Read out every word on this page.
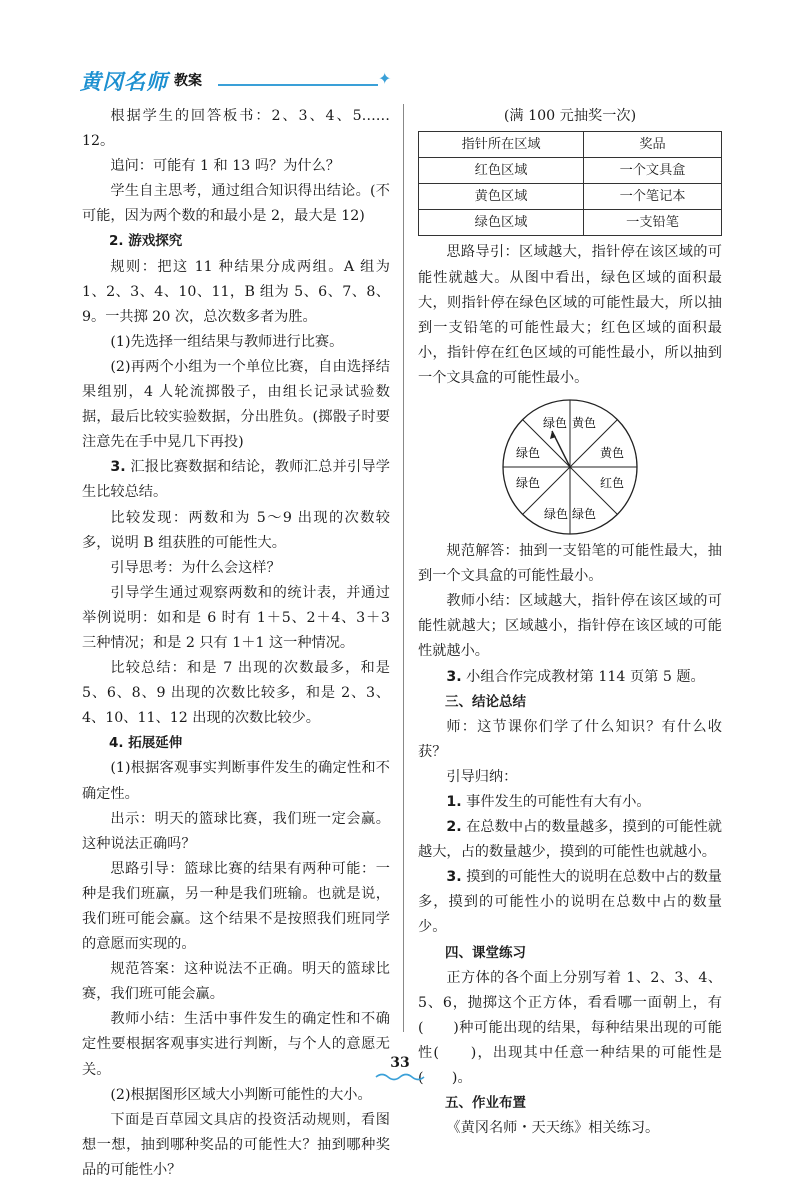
黄冈名师 教案	✦

根据学生的回答板书：2、3、4、5……12。

追问：可能有 1 和 13 吗？为什么？

学生自主思考，通过组合知识得出结论。(不可能，因为两个数的和最小是 2，最大是 12)

2. 游戏探究

规则：把这 11 种结果分成两组。A 组为 1、2、3、4、10、11，B 组为 5、6、7、8、9。一共掷 20 次，总次数多者为胜。

(1)先选择一组结果与教师进行比赛。

(2)再两个小组为一个单位比赛，自由选择结果组别，4 人轮流掷骰子，由组长记录试验数据，最后比较实验数据，分出胜负。(掷骰子时要注意先在手中晃几下再投)

3. 汇报比赛数据和结论，教师汇总并引导学生比较总结。

比较发现：两数和为 5～9 出现的次数较多，说明 B 组获胜的可能性大。

引导思考：为什么会这样？

引导学生通过观察两数和的统计表，并通过举例说明：如和是 6 时有 1＋5、2＋4、3＋3 三种情况；和是 2 只有 1＋1 这一种情况。

比较总结：和是 7 出现的次数最多，和是 5、6、8、9 出现的次数比较多，和是 2、3、4、10、11、12 出现的次数比较少。

4. 拓展延伸

(1)根据客观事实判断事件发生的确定性和不确定性。

出示：明天的篮球比赛，我们班一定会赢。这种说法正确吗？

思路引导：篮球比赛的结果有两种可能：一种是我们班赢，另一种是我们班输。也就是说，我们班可能会赢。这个结果不是按照我们班同学的意愿而实现的。

规范答案：这种说法不正确。明天的篮球比赛，我们班可能会赢。

教师小结：生活中事件发生的确定性和不确定性要根据客观事实进行判断，与个人的意愿无关。

(2)根据图形区域大小判断可能性的大小。

下面是百草园文具店的投资活动规则，看图想一想，抽到哪种奖品的可能性大？抽到哪种奖品的可能性小？

(满 100 元抽奖一次)

指针所在区域	奖品
红色区域	一个文具盒
黄色区域	一个笔记本
绿色区域	一支铅笔

思路导引：区域越大，指针停在该区域的可能性就越大。从图中看出，绿色区域的面积最大，则指针停在绿色区域的可能性最大，所以抽到一支铅笔的可能性最大；红色区域的面积最小，指针停在红色区域的可能性最小，所以抽到一个文具盒的可能性最小。

黄色
黄色
红色
绿色
绿色
绿色
绿色
绿色

规范解答：抽到一支铅笔的可能性最大，抽到一个文具盒的可能性最小。

教师小结：区域越大，指针停在该区域的可能性就越大；区域越小，指针停在该区域的可能性就越小。

3. 小组合作完成教材第 114 页第 5 题。

三、结论总结

师：这节课你们学了什么知识？有什么收获？

引导归纳：

1. 事件发生的可能性有大有小。

2. 在总数中占的数量越多，摸到的可能性就越大，占的数量越少，摸到的可能性也就越小。

3. 摸到的可能性大的说明在总数中占的数量多，摸到的可能性小的说明在总数中占的数量少。

四、课堂练习

正方体的各个面上分别写着 1、2、3、4、5、6，抛掷这个正方体，看看哪一面朝上，有(　　)种可能出现的结果，每种结果出现的可能性(　　)，出现其中任意一种结果的可能性是(　　)。

五、作业布置

《黄冈名师・天天练》相关练习。

33
